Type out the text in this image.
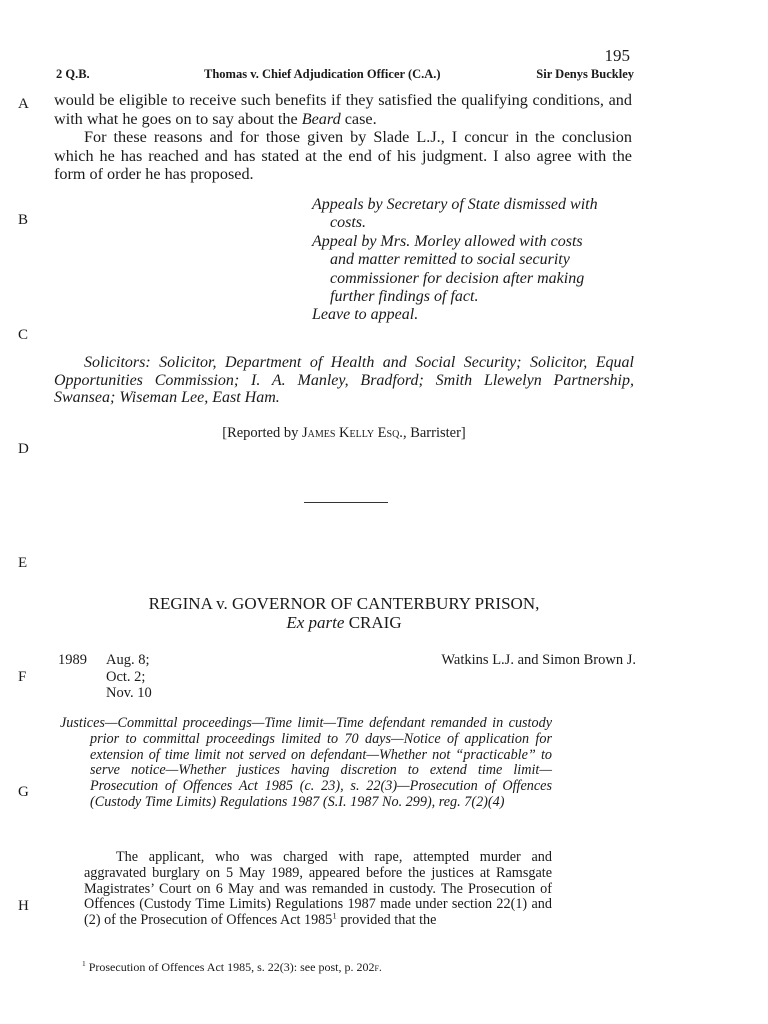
195
2 Q.B.	Thomas v. Chief Adjudication Officer (C.A.)	Sir Denys Buckley
A
B
C
D
E
F
G
H

would be eligible to receive such benefits if they satisfied the qualifying conditions, and with what he goes on to say about the Beard case.

For these reasons and for those given by Slade L.J., I concur in the conclusion which he has reached and has stated at the end of his judgment. I also agree with the form of order he has proposed.

Appeals by Secretary of State dismissed with costs.

Appeal by Mrs. Morley allowed with costs and matter remitted to social security commissioner for decision after making further findings of fact.

Leave to appeal.

Solicitors: Solicitor, Department of Health and Social Security; Solicitor, Equal Opportunities Commission; I. A. Manley, Bradford; Smith Llewelyn Partnership, Swansea; Wiseman Lee, East Ham.

[Reported by James Kelly Esq., Barrister]
REGINA v. GOVERNOR OF CANTERBURY PRISON,
Ex parte CRAIG
1989 Aug. 8;
Oct. 2;
Nov. 10
Watkins L.J. and Simon Brown J.

Justices—Committal proceedings—Time limit—Time defendant remanded in custody prior to committal proceedings limited to 70 days—Notice of application for extension of time limit not served on defendant—Whether not “practicable” to serve notice—Whether justices having discretion to extend time limit—Prosecution of Offences Act 1985 (c. 23), s. 22(3)—Prosecution of Offences (Custody Time Limits) Regulations 1987 (S.I. 1987 No. 299), reg. 7(2)(4)

The applicant, who was charged with rape, attempted murder and aggravated burglary on 5 May 1989, appeared before the justices at Ramsgate Magistrates’ Court on 6 May and was remanded in custody. The Prosecution of Offences (Custody Time Limits) Regulations 1987 made under section 22(1) and (2) of the Prosecution of Offences Act 1985$^1$ provided that the

$^1$ Prosecution of Offences Act 1985, s. 22(3): see post, p. 202f.
